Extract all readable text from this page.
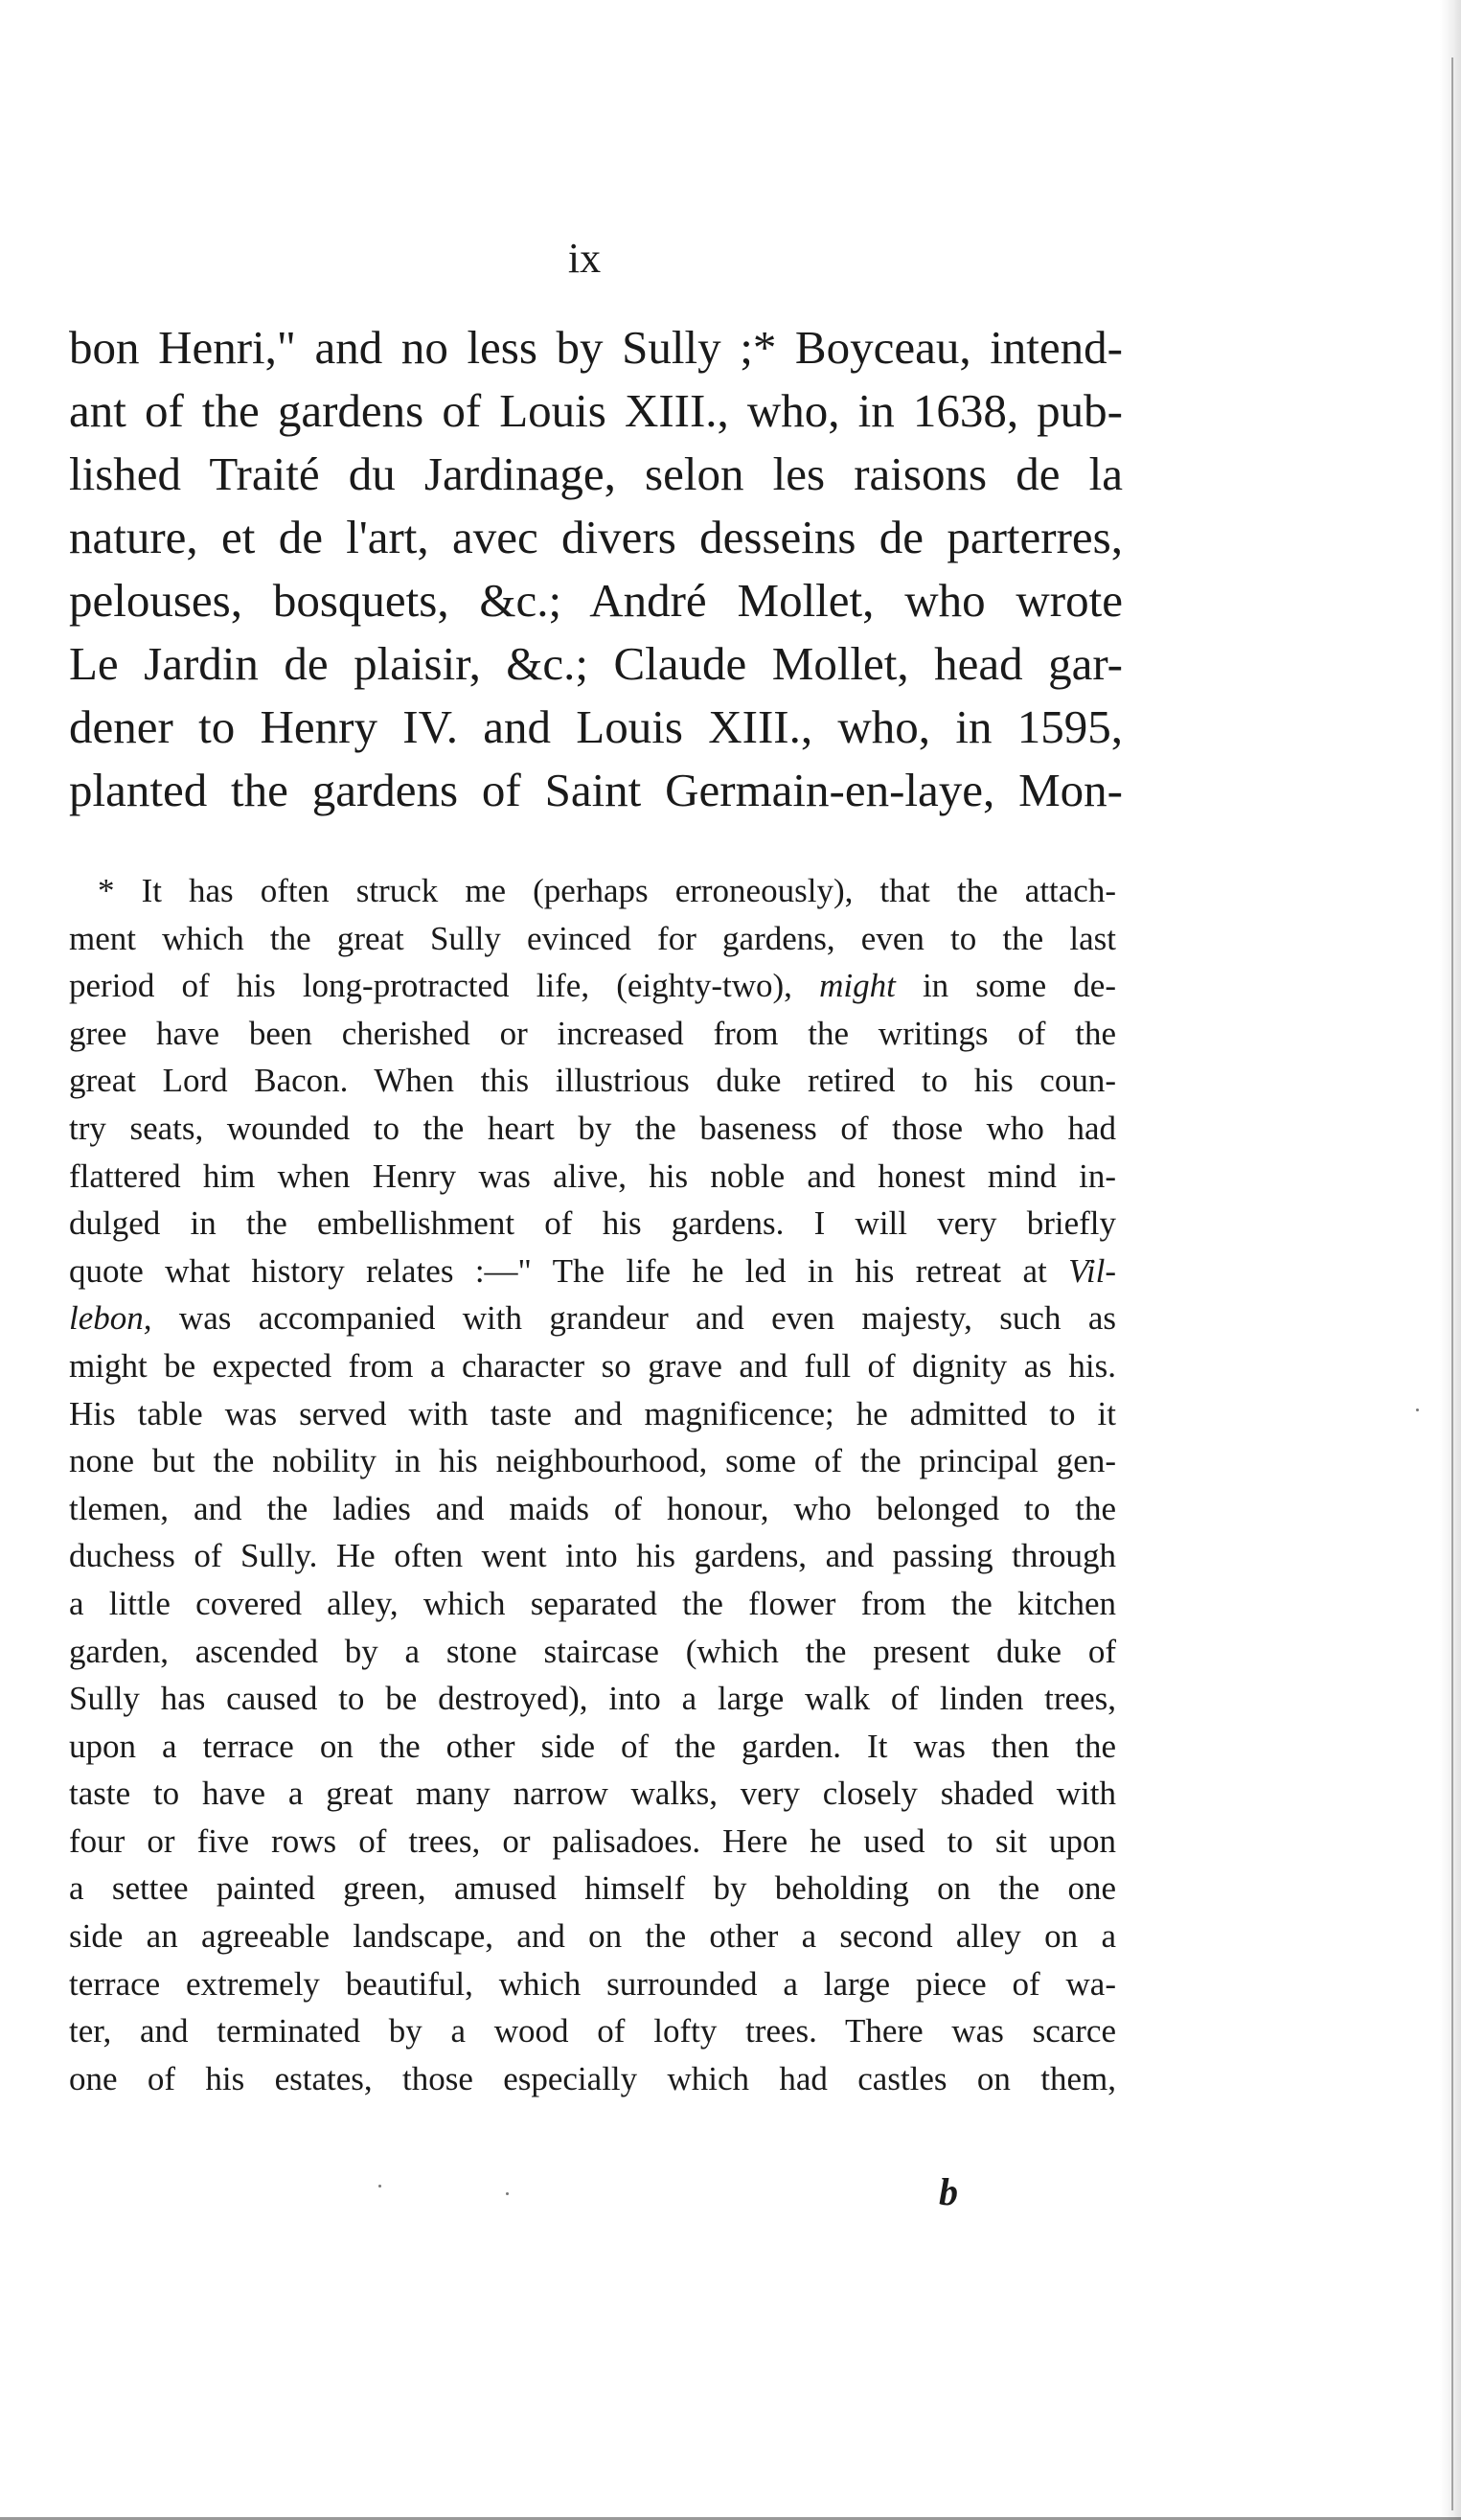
ix
bon Henri," and no less by Sully ;* Boyceau, intend-
ant of the gardens of Louis XIII., who, in 1638, pub-
lished Traité du Jardinage, selon les raisons de la
nature, et de l'art, avec divers desseins de parterres,
pelouses, bosquets, &c.; André Mollet, who wrote
Le Jardin de plaisir, &c.; Claude Mollet, head gar-
dener to Henry IV. and Louis XIII., who, in 1595,
planted the gardens of Saint Germain-en-laye, Mon-
* It has often struck me (perhaps erroneously), that the attach-
ment which the great Sully evinced for gardens, even to the last
period of his long-protracted life, (eighty-two), might in some de-
gree have been cherished or increased from the writings of the
great Lord Bacon. When this illustrious duke retired to his coun-
try seats, wounded to the heart by the baseness of those who had
flattered him when Henry was alive, his noble and honest mind in-
dulged in the embellishment of his gardens. I will very briefly
quote what history relates :—" The life he led in his retreat at Vil-
lebon, was accompanied with grandeur and even majesty, such as
might be expected from a character so grave and full of dignity as his.
His table was served with taste and magnificence; he admitted to it
none but the nobility in his neighbourhood, some of the principal gen-
tlemen, and the ladies and maids of honour, who belonged to the
duchess of Sully. He often went into his gardens, and passing through
a little covered alley, which separated the flower from the kitchen
garden, ascended by a stone staircase (which the present duke of
Sully has caused to be destroyed), into a large walk of linden trees,
upon a terrace on the other side of the garden. It was then the
taste to have a great many narrow walks, very closely shaded with
four or five rows of trees, or palisadoes. Here he used to sit upon
a settee painted green, amused himself by beholding on the one
side an agreeable landscape, and on the other a second alley on a
terrace extremely beautiful, which surrounded a large piece of wa-
ter, and terminated by a wood of lofty trees. There was scarce
one of his estates, those especially which had castles on them,
b
